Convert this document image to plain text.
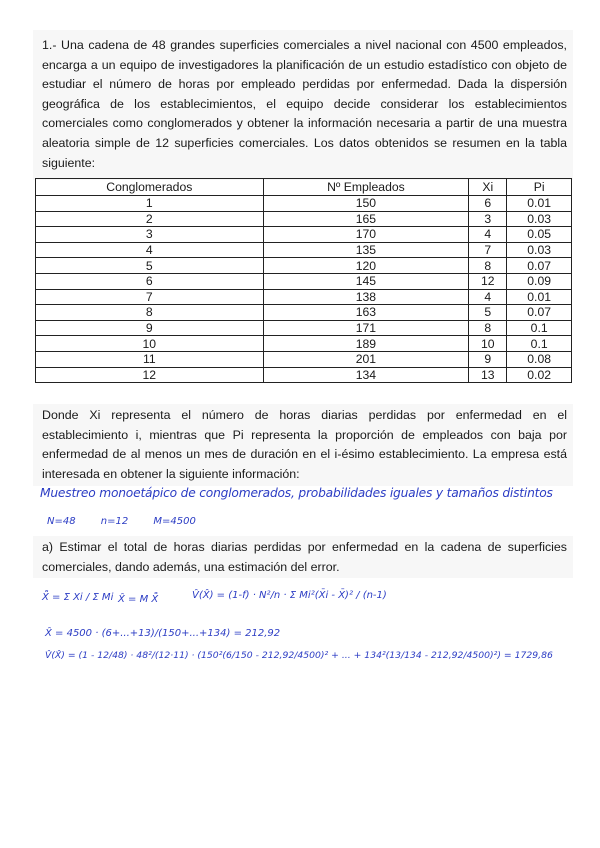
1.- Una cadena de 48 grandes superficies comerciales a nivel nacional con 4500 empleados, encarga a un equipo de investigadores la planificación de un estudio estadístico con objeto de estudiar el número de horas por empleado perdidas por enfermedad. Dada la dispersión geográfica de los establecimientos, el equipo decide considerar los establecimientos comerciales como conglomerados y obtener la información necesaria a partir de una muestra aleatoria simple de 12 superficies comerciales. Los datos obtenidos se resumen en la tabla siguiente:

Conglomerados	Nº Empleados	Xi	Pi
1	150	6	0.01
2	165	3	0.03
3	170	4	0.05
4	135	7	0.03
5	120	8	0.07
6	145	12	0.09
7	138	4	0.01
8	163	5	0.07
9	171	8	0.1
10	189	10	0.1
11	201	9	0.08
12	134	13	0.02

Donde Xi representa el número de horas diarias perdidas por enfermedad en el establecimiento i, mientras que Pi representa la proporción de empleados con baja por enfermedad de al menos un mes de duración en el i-ésimo establecimiento. La empresa está interesada en obtener la siguiente información:

Muestreo monoetápico de conglomerados, probabilidades iguales y tamaños distintos
N=48	n=12	M=4500

a) Estimar el total de horas diarias perdidas por enfermedad en la cadena de superficies comerciales, dando además, una estimación del error.

X̄̂ = Σ Xi / Σ Mi X̂ = M X̄̂	V̂(X̂) = (1-f) · N²/n · Σ Mi²(X̄i - X̄)² / (n-1)
X̂ = 4500 · (6+...+13)/(150+...+134) = 212,92
V̂(X̂) = (1 - 12/48) · 48²/(12·11) · (150²(6/150 - 212,92/4500)² + ... + 134²(13/134 - 212,92/4500)²) = 1729,86
